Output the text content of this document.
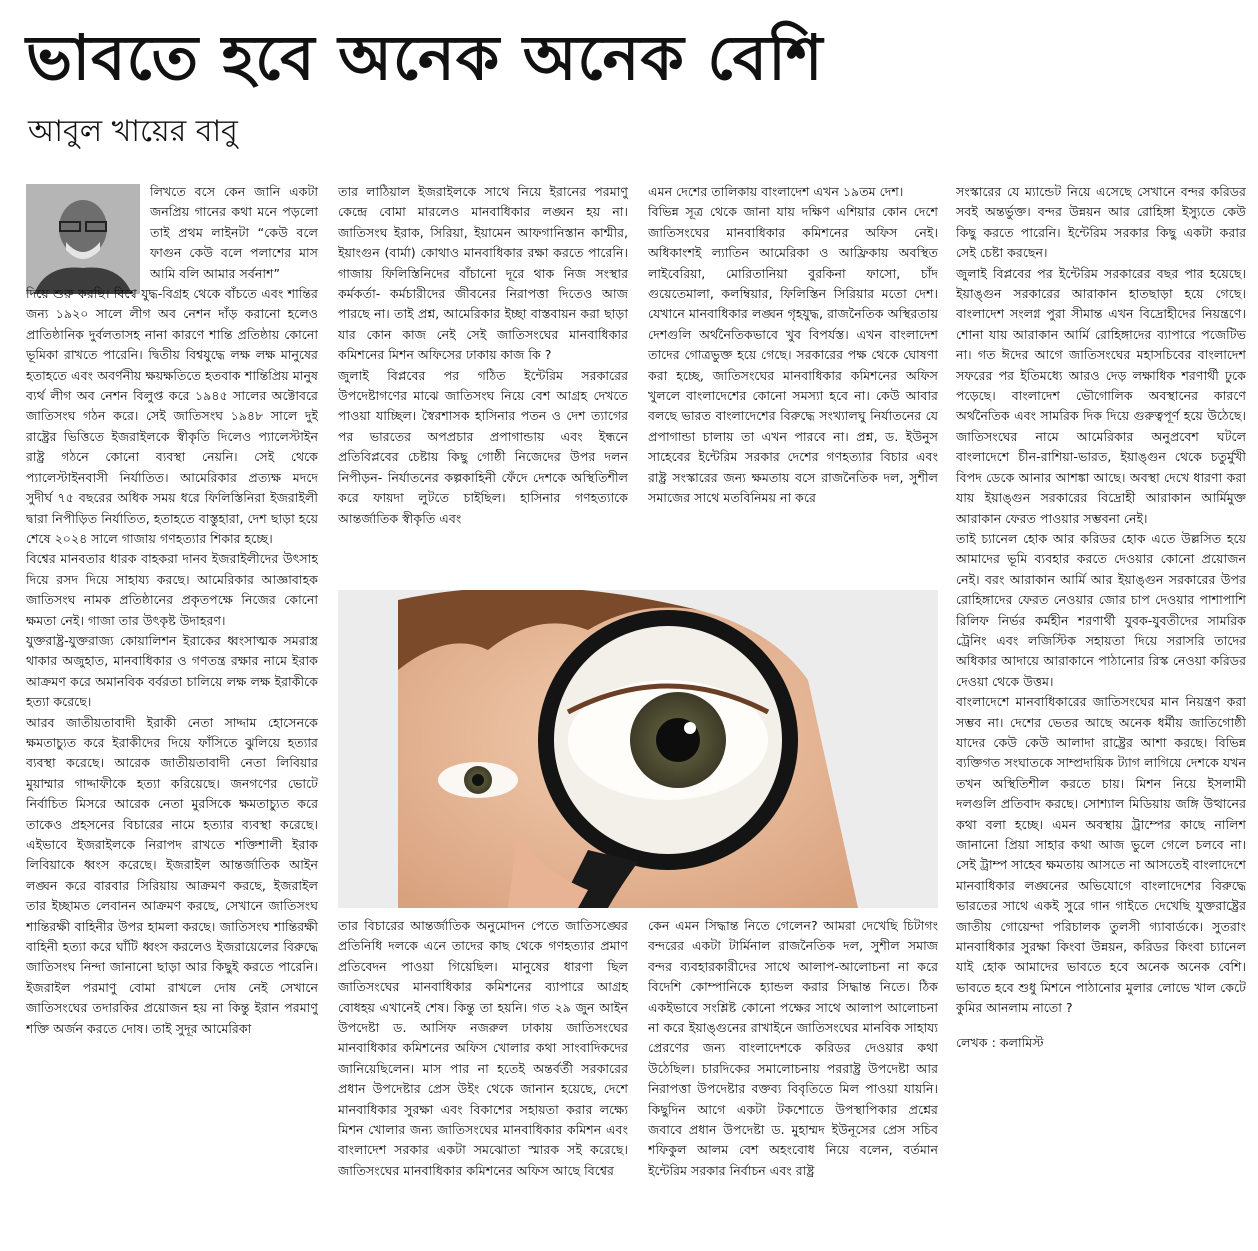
ভাবতে হবে অনেক অনেক বেশি
আবুল খায়ের বাবু

লিখতে বসে কেন জানি একটা জনপ্রিয় গানের কথা মনে পড়লো তাই প্রথম লাইনটা “কেউ বলে ফাগুন কেউ বলে পলাশের মাস আমি বলি আমার সর্বনাশ”

দিয়ে শুরু করছি। বিশ্বে যুদ্ধ-বিগ্রহ থেকে বাঁচতে এবং শান্তির জন্য ১৯২০ সালে লীগ অব নেশন দাঁড় করানো হলেও প্রাতিষ্ঠানিক দুর্বলতাসহ নানা কারণে শান্তি প্রতিষ্ঠায় কোনো ভূমিকা রাখতে পারেনি। দ্বিতীয় বিশ্বযুদ্ধে লক্ষ লক্ষ মানুষের হতাহতে এবং অবর্ণনীয় ক্ষয়ক্ষতিতে হতবাক শান্তিপ্রিয় মানুষ ব্যর্থ লীগ অব নেশন বিলুপ্ত করে ১৯৪৫ সালের অক্টোবরে জাতিসংঘ গঠন করে। সেই জাতিসংঘ ১৯৪৮ সালে দুই রাষ্ট্রের ভিত্তিতে ইজরাইলকে স্বীকৃতি দিলেও প্যালেস্টাইন রাষ্ট্র গঠনে কোনো ব্যবস্থা নেয়নি। সেই থেকে প্যালেস্টাইনবাসী নির্যাতিত। আমেরিকার প্রত্যক্ষ মদদে সুদীর্ঘ ৭৫ বছরের অধিক সময় ধরে ফিলিস্তিনিরা ইজরাইলী দ্বারা নিপীড়িত নির্যাতিত, হতাহতে বাস্তুহারা, দেশ ছাড়া হয়ে শেষে ২০২৪ সালে গাজায় গণহত্যার শিকার হচ্ছে।

বিশ্বের মানবতার ধারক বাহকরা দানব ইজরাইলীদের উৎসাহ দিয়ে রসদ দিয়ে সাহায্য করছে। আমেরিকার আজ্ঞাবাহক জাতিসংঘ নামক প্রতিষ্ঠানের প্রকৃতপক্ষে নিজের কোনো ক্ষমতা নেই। গাজা তার উৎকৃষ্ট উদাহরণ।

যুক্তরাষ্ট্র-যুক্তরাজ্য কোয়ালিশন ইরাকের ধ্বংসাত্মক সমরাস্ত্র থাকার অজুহাত, মানবাধিকার ও গণতন্ত্র রক্ষার নামে ইরাক আক্রমণ করে অমানবিক বর্বরতা চালিয়ে লক্ষ লক্ষ ইরাকীকে হত্যা করেছে।

আরব জাতীয়তাবাদী ইরাকী নেতা সাদ্দাম হোসেনকে ক্ষমতাচ্যুত করে ইরাকীদের দিয়ে ফাঁসিতে ঝুলিয়ে হত্যার ব্যবস্থা করেছে। আরেক জাতীয়তাবাদী নেতা লিবিয়ার মুয়াম্মার গাদ্দাফীকে হত্যা করিয়েছে। জনগণের ভোটে নির্বাচিত মিসরে আরেক নেতা মুরসিকে ক্ষমতাচ্যুত করে তাকেও প্রহসনের বিচারের নামে হত্যার ব্যবস্থা করেছে। এইভাবে ইজরাইলকে নিরাপদ রাখতে শক্তিশালী ইরাক লিবিয়াকে ধ্বংস করেছে। ইজরাইল আন্তর্জাতিক আইন লঙ্ঘন করে বারবার সিরিয়ায় আক্রমণ করছে, ইজরাইল তার ইচ্ছামত লেবানন আক্রমণ করছে, সেখানে জাতিসংঘ শান্তিরক্ষী বাহিনীর উপর হামলা করছে। জাতিসংঘ শান্তিরক্ষী বাহিনী হত্যা করে ঘাঁটি ধ্বংস করলেও ইজরায়েলের বিরুদ্ধে জাতিসংঘ নিন্দা জানানো ছাড়া আর কিছুই করতে পারেনি। ইজরাইল পরমাণু বোমা রাখলে দোষ নেই সেখানে জাতিসংঘের তদারকির প্রয়োজন হয় না কিন্তু ইরান পরমাণু শক্তি অর্জন করতে দোষ। তাই সুদূর আমেরিকা

তার লাঠিয়াল ইজরাইলকে সাথে নিয়ে ইরানের পরমাণু কেন্দ্রে বোমা মারলেও মানবাধিকার লঙ্ঘন হয় না। জাতিসংঘ ইরাক, সিরিয়া, ইয়ামেন আফগানিস্তান কাশ্মীর, ইয়াংগুন (বার্মা) কোথাও মানবাধিকার রক্ষা করতে পারেনি। গাজায় ফিলিস্তিনিদের বাঁচানো দূরে থাক নিজ সংস্থার কর্মকর্তা- কর্মচারীদের জীবনের নিরাপত্তা দিতেও আজ পারছে না। তাই প্রশ্ন, আমেরিকার ইচ্ছা বাস্তবায়ন করা ছাড়া যার কোন কাজ নেই সেই জাতিসংঘের মানবাধিকার কমিশনের মিশন অফিসের ঢাকায় কাজ কি ?

জুলাই বিপ্লবের পর গঠিত ইন্টেরিম সরকারের উপদেষ্টাগণের মাঝে জাতিসংঘ নিয়ে বেশ আগ্রহ দেখতে পাওয়া যাচ্ছিল। স্বৈরশাসক হাসিনার পতন ও দেশ ত্যাগের পর ভারতের অপপ্রচার প্রপাগান্ডায় এবং ইন্ধনে প্রতিবিপ্লবের চেষ্টায় কিছু গোষ্ঠী নিজেদের উপর দলন নিপীড়ন- নির্যাতনের কল্পকাহিনী ফেঁদে দেশকে অস্থিতিশীল করে ফায়দা লুটতে চাইছিল। হাসিনার গণহত্যাকে আন্তর্জাতিক স্বীকৃতি এবং

এমন দেশের তালিকায় বাংলাদেশ এখন ১৯তম দেশ।

বিভিন্ন সূত্র থেকে জানা যায় দক্ষিণ এশিয়ার কোন দেশে জাতিসংঘের মানবাধিকার কমিশনের অফিস নেই। অধিকাংশই ল্যাতিন আমেরিকা ও আফ্রিকায় অবস্থিত লাইবেরিয়া, মোরিতানিয়া বুরকিনা ফাসো, চাঁদ গুয়েতেমালা, কলম্বিয়ার, ফিলিস্তিন সিরিয়ার মতো দেশ। যেখানে মানবাধিকার লঙ্ঘন গৃহযুদ্ধ, রাজনৈতিক অস্থিরতায় দেশগুলি অর্থনৈতিকভাবে খুব বিপর্যস্ত। এখন বাংলাদেশ তাদের গোত্রভুক্ত হয়ে গেছে। সরকারের পক্ষ থেকে ঘোষণা করা হচ্ছে, জাতিসংঘের মানবাধিকার কমিশনের অফিস খুললে বাংলাদেশের কোনো সমস্যা হবে না। কেউ আবার বলছে ভারত বাংলাদেশের বিরুদ্ধে সংখ্যালঘু নির্যাতনের যে প্রপাগান্ডা চালায় তা এখন পারবে না। প্রশ্ন, ড. ইউনুস সাহেবের ইন্টেরিম সরকার দেশের গণহত্যার বিচার এবং রাষ্ট্র সংস্কারের জন্য ক্ষমতায় বসে রাজনৈতিক দল, সুশীল সমাজের সাথে মতবিনিময় না করে

তার বিচারের আন্তর্জাতিক অনুমোদন পেতে জাতিসঙ্ঘের প্রতিনিধি দলকে এনে তাদের কাছ থেকে গণহত্যার প্রমাণ প্রতিবেদন পাওয়া গিয়েছিল। মানুষের ধারণা ছিল জাতিসংঘের মানবাধিকার কমিশনের ব্যাপারে আগ্রহ বোধহয় এখানেই শেষ। কিন্তু তা হয়নি। গত ২৯ জুন আইন উপদেষ্টা ড. আসিফ নজরুল ঢাকায় জাতিসংঘের মানবাধিকার কমিশনের অফিস খোলার কথা সাংবাদিকদের জানিয়েছিলেন। মাস পার না হতেই অন্তর্বর্তী সরকারের প্রধান উপদেষ্টার প্রেস উইং থেকে জানান হয়েছে, দেশে মানবাধিকার সুরক্ষা এবং বিকাশের সহায়তা করার লক্ষ্যে মিশন খোলার জন্য জাতিসংঘের মানবাধিকার কমিশন এবং বাংলাদেশ সরকার একটা সমঝোতা স্মারক সই করেছে। জাতিসংঘের মানবাধিকার কমিশনের অফিস আছে বিশ্বের

কেন এমন সিদ্ধান্ত নিতে গেলেন? আমরা দেখেছি চিটাগং বন্দরের একটা টার্মিনাল রাজনৈতিক দল, সুশীল সমাজ বন্দর ব্যবহারকারীদের সাথে আলাপ-আলোচনা না করে বিদেশি কোম্পানিকে হ্যান্ডল করার সিদ্ধান্ত নিতে। ঠিক একইভাবে সংশ্লিষ্ট কোনো পক্ষের সাথে আলাপ আলোচনা না করে ইয়াঙ্গুনের রাখাইনে জাতিসংঘের মানবিক সাহায্য প্রেরণের জন্য বাংলাদেশকে করিডর দেওয়ার কথা উঠেছিল। চারদিকের সমালোচনায় পররাষ্ট্র উপদেষ্টা আর নিরাপত্তা উপদেষ্টার বক্তব্য বিবৃতিতে মিল পাওয়া যায়নি। কিছুদিন আগে একটা টকশোতে উপস্থাপিকার প্রশ্নের জবাবে প্রধান উপদেষ্টা ড. মুহাম্মদ ইউনূসের প্রেস সচিব শফিকুল আলম বেশ অহংবোধ নিয়ে বলেন, বর্তমান ইন্টেরিম সরকার নির্বাচন এবং রাষ্ট্র

সংস্কারের যে ম্যান্ডেট নিয়ে এসেছে সেখানে বন্দর করিডর সবই অন্তর্ভুক্ত। বন্দর উন্নয়ন আর রোহিঙ্গা ইস্যুতে কেউ কিছু করতে পারেনি। ইন্টেরিম সরকার কিছু একটা করার সেই চেষ্টা করছেন।

জুলাই বিপ্লবের পর ইন্টেরিম সরকারের বছর পার হয়েছে। ইয়াঙ্গুন সরকারের আরাকান হাতছাড়া হয়ে গেছে। বাংলাদেশ সংলগ্ন পুরা সীমান্ত এখন বিদ্রোহীদের নিয়ন্ত্রণে। শোনা যায় আরাকান আর্মি রোহিঙ্গাদের ব্যাপারে পজেটিভ না। গত ঈদের আগে জাতিসংঘের মহাসচিবের বাংলাদেশ সফরের পর ইতিমধ্যে আরও দেড় লক্ষাধিক শরণার্থী ঢুকে পড়েছে। বাংলাদেশ ভৌগোলিক অবস্থানের কারণে অর্থনৈতিক এবং সামরিক দিক দিয়ে গুরুত্বপূর্ণ হয়ে উঠেছে। জাতিসংঘের নামে আমেরিকার অনুপ্রবেশ ঘটলে বাংলাদেশে চীন-রাশিয়া-ভারত, ইয়াঙ্গুন থেকে চতুর্মুখী বিপদ ডেকে আনার আশঙ্কা আছে। অবস্থা দেখে ধারণা করা যায় ইয়াঙ্গুন সরকারের বিদ্রোহী আরাকান আর্মিমুক্ত আরাকান ফেরত পাওয়ার সম্ভবনা নেই।

তাই চ্যানেল হোক আর করিডর হোক এতে উল্লসিত হয়ে আমাদের ভূমি ব্যবহার করতে দেওয়ার কোনো প্রয়োজন নেই। বরং আরাকান আর্মি আর ইয়াঙ্গুন সরকারের উপর রোহিঙ্গাদের ফেরত নেওয়ার জোর চাপ দেওয়ার পাশাপাশি রিলিফ নির্ভর কর্মহীন শরণার্থী যুবক-যুবতীদের সামরিক ট্রেনিং এবং লজিস্টিক সহায়তা দিয়ে সরাসরি তাদের অধিকার আদায়ে আরাকানে পাঠানোর রিস্ক নেওয়া করিডর দেওয়া থেকে উত্তম।

বাংলাদেশে মানবাধিকারের জাতিসংঘের মান নিয়ন্ত্রণ করা সম্ভব না। দেশের ভেতর আছে অনেক ধর্মীয় জাতিগোষ্ঠী যাদের কেউ কেউ আলাদা রাষ্ট্রের আশা করছে। বিভিন্ন ব্যক্তিগত সংঘাতকে সাম্প্রদায়িক ট্যাগ লাগিয়ে দেশকে যখন তখন অস্থিতিশীল করতে চায়। মিশন নিয়ে ইসলামী দলগুলি প্রতিবাদ করছে। সোশ্যাল মিডিয়ায় জঙ্গি উত্থানের কথা বলা হচ্ছে। এমন অবস্থায় ট্রাম্পের কাছে নালিশ জানানো প্রিয়া সাহার কথা আজ ভুলে গেলে চলবে না। সেই ট্রাম্প সাহেব ক্ষমতায় আসতে না আসতেই বাংলাদেশে মানবাধিকার লঙ্ঘনের অভিযোগে বাংলাদেশের বিরুদ্ধে ভারতের সাথে একই সুরে গান গাইতে দেখেছি যুক্তরাষ্ট্রের জাতীয় গোয়েন্দা পরিচালক তুলসী গ্যাবার্ডকে। সুতরাং মানবাধিকার সুরক্ষা কিংবা উন্নয়ন, করিডর কিংবা চ্যানেল যাই হোক আমাদের ভাবতে হবে অনেক অনেক বেশি। ভাবতে হবে শুধু মিশনে পাঠানোর মুলার লোভে খাল কেটে কুমির আনলাম নাতো ?

লেখক : কলামিস্ট
